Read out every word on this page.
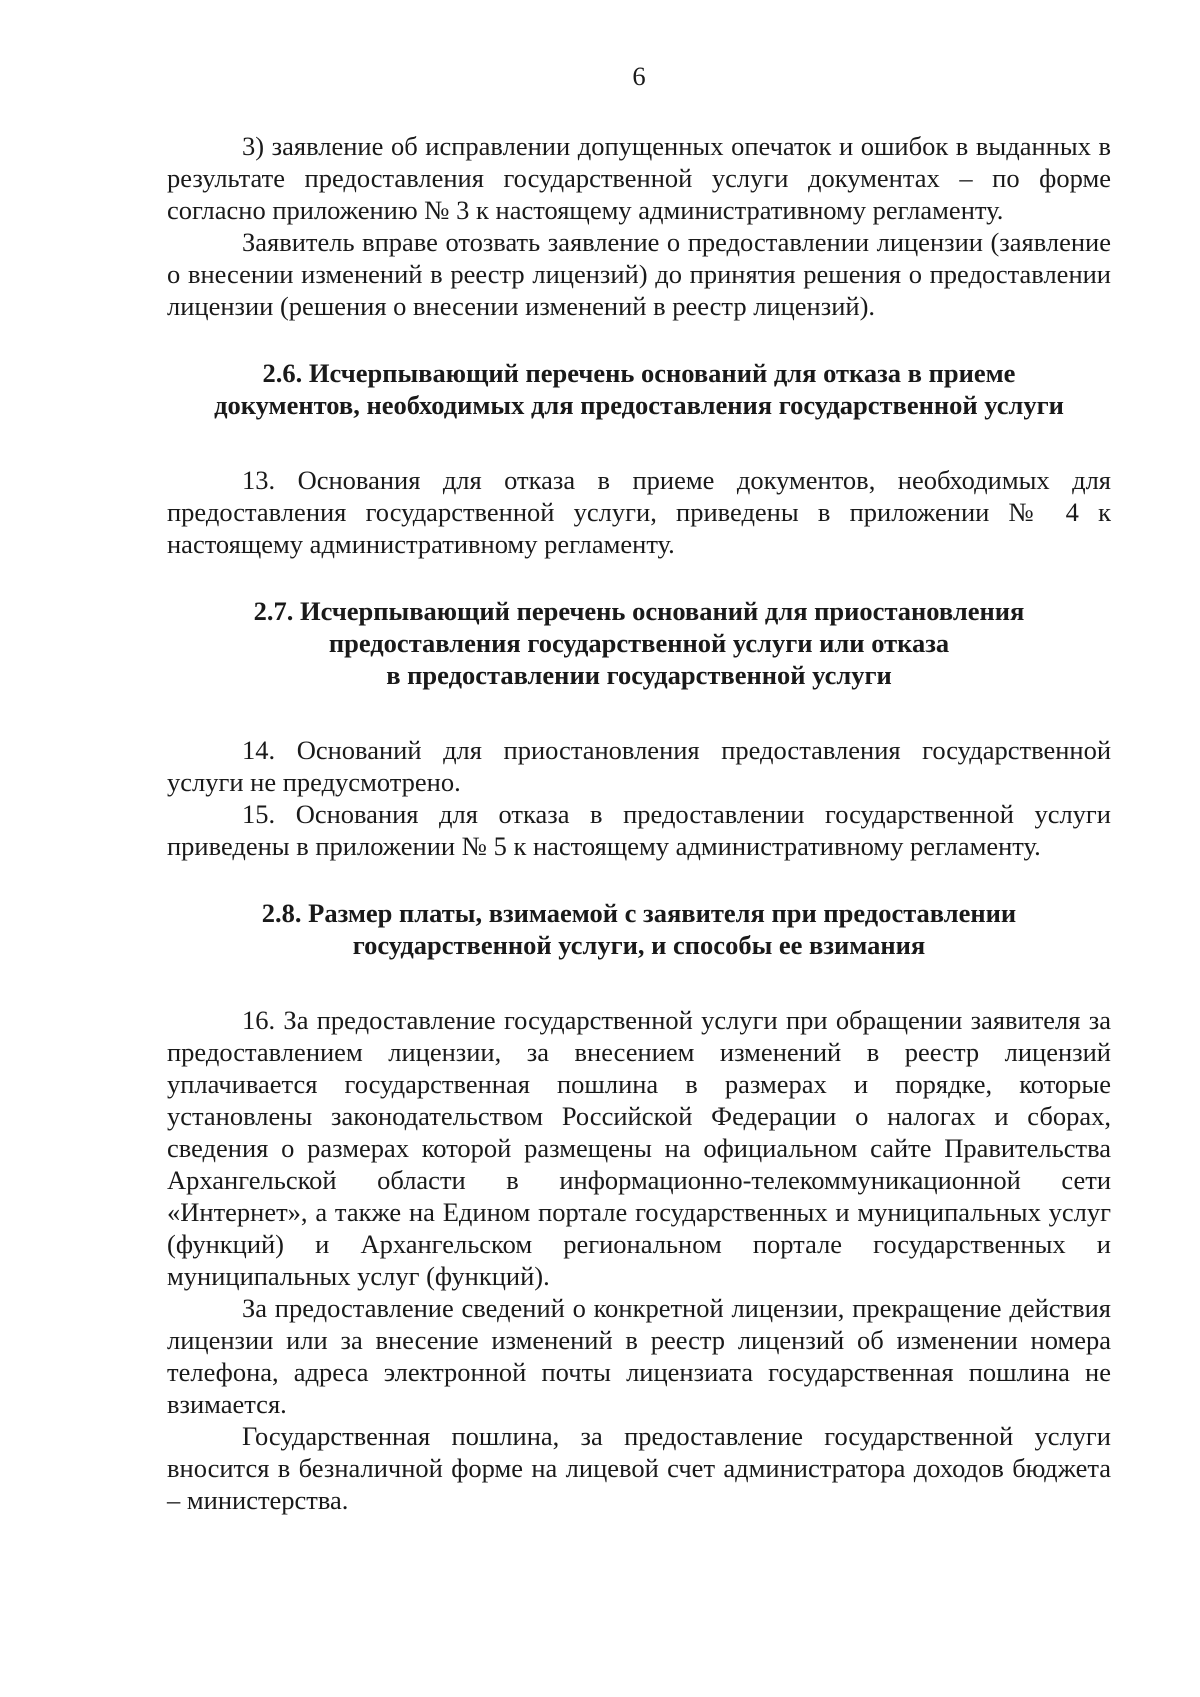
6

3) заявление об исправлении допущенных опечаток и ошибок в выданных в результате предоставления государственной услуги документах – по форме согласно приложению № 3 к настоящему административному регламенту.

Заявитель вправе отозвать заявление о предоставлении лицензии (заявление о внесении изменений в реестр лицензий) до принятия решения о предоставлении лицензии (решения о внесении изменений в реестр лицензий).

2.6. Исчерпывающий перечень оснований для отказа в приеме
документов, необходимых для предоставления государственной услуги

13. Основания для отказа в приеме документов, необходимых для предоставления государственной услуги, приведены в приложении № 4 к настоящему административному регламенту.

2.7. Исчерпывающий перечень оснований для приостановления
предоставления государственной услуги или отказа
в предоставлении государственной услуги

14. Оснований для приостановления предоставления государственной услуги не предусмотрено.

15. Основания для отказа в предоставлении государственной услуги приведены в приложении № 5 к настоящему административному регламенту.

2.8. Размер платы, взимаемой с заявителя при предоставлении
государственной услуги, и способы ее взимания

16. За предоставление государственной услуги при обращении заявителя за предоставлением лицензии, за внесением изменений в реестр лицензий уплачивается государственная пошлина в размерах и порядке, которые установлены законодательством Российской Федерации о налогах и сборах, сведения о размерах которой размещены на официальном сайте Правительства Архангельской области в информационно-телекоммуникационной сети «Интернет», а также на Едином портале государственных и муниципальных услуг (функций) и Архангельском региональном портале государственных и муниципальных услуг (функций).

За предоставление сведений о конкретной лицензии, прекращение действия лицензии или за внесение изменений в реестр лицензий об изменении номера телефона, адреса электронной почты лицензиата государственная пошлина не взимается.

Государственная пошлина, за предоставление государственной услуги вносится в безналичной форме на лицевой счет администратора доходов бюджета – министерства.
